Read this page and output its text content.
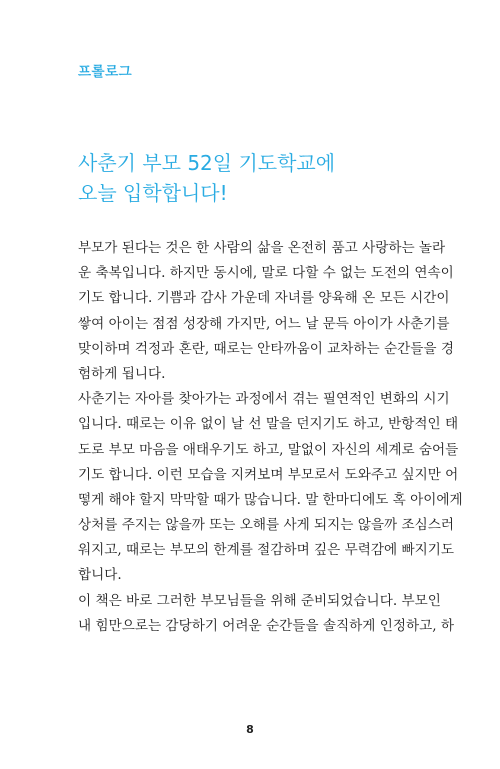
프롤로그
사춘기 부모 52일 기도학교에
오늘 입학합니다!
부모가 된다는 것은 한 사람의 삶을 온전히 품고 사랑하는 놀라
운 축복입니다. 하지만 동시에, 말로 다할 수 없는 도전의 연속이
기도 합니다. 기쁨과 감사 가운데 자녀를 양육해 온 모든 시간이
쌓여 아이는 점점 성장해 가지만, 어느 날 문득 아이가 사춘기를
맞이하며 걱정과 혼란, 때로는 안타까움이 교차하는 순간들을 경
험하게 됩니다.
사춘기는 자아를 찾아가는 과정에서 겪는 필연적인 변화의 시기
입니다. 때로는 이유 없이 날 선 말을 던지기도 하고, 반항적인 태
도로 부모 마음을 애태우기도 하고, 말없이 자신의 세계로 숨어들
기도 합니다. 이런 모습을 지켜보며 부모로서 도와주고 싶지만 어
떻게 해야 할지 막막할 때가 많습니다. 말 한마디에도 혹 아이에게
상처를 주지는 않을까 또는 오해를 사게 되지는 않을까 조심스러
워지고, 때로는 부모의 한계를 절감하며 깊은 무력감에 빠지기도
합니다.
이 책은 바로 그러한 부모님들을 위해 준비되었습니다. 부모인
내 힘만으로는 감당하기 어려운 순간들을 솔직하게 인정하고, 하
8
